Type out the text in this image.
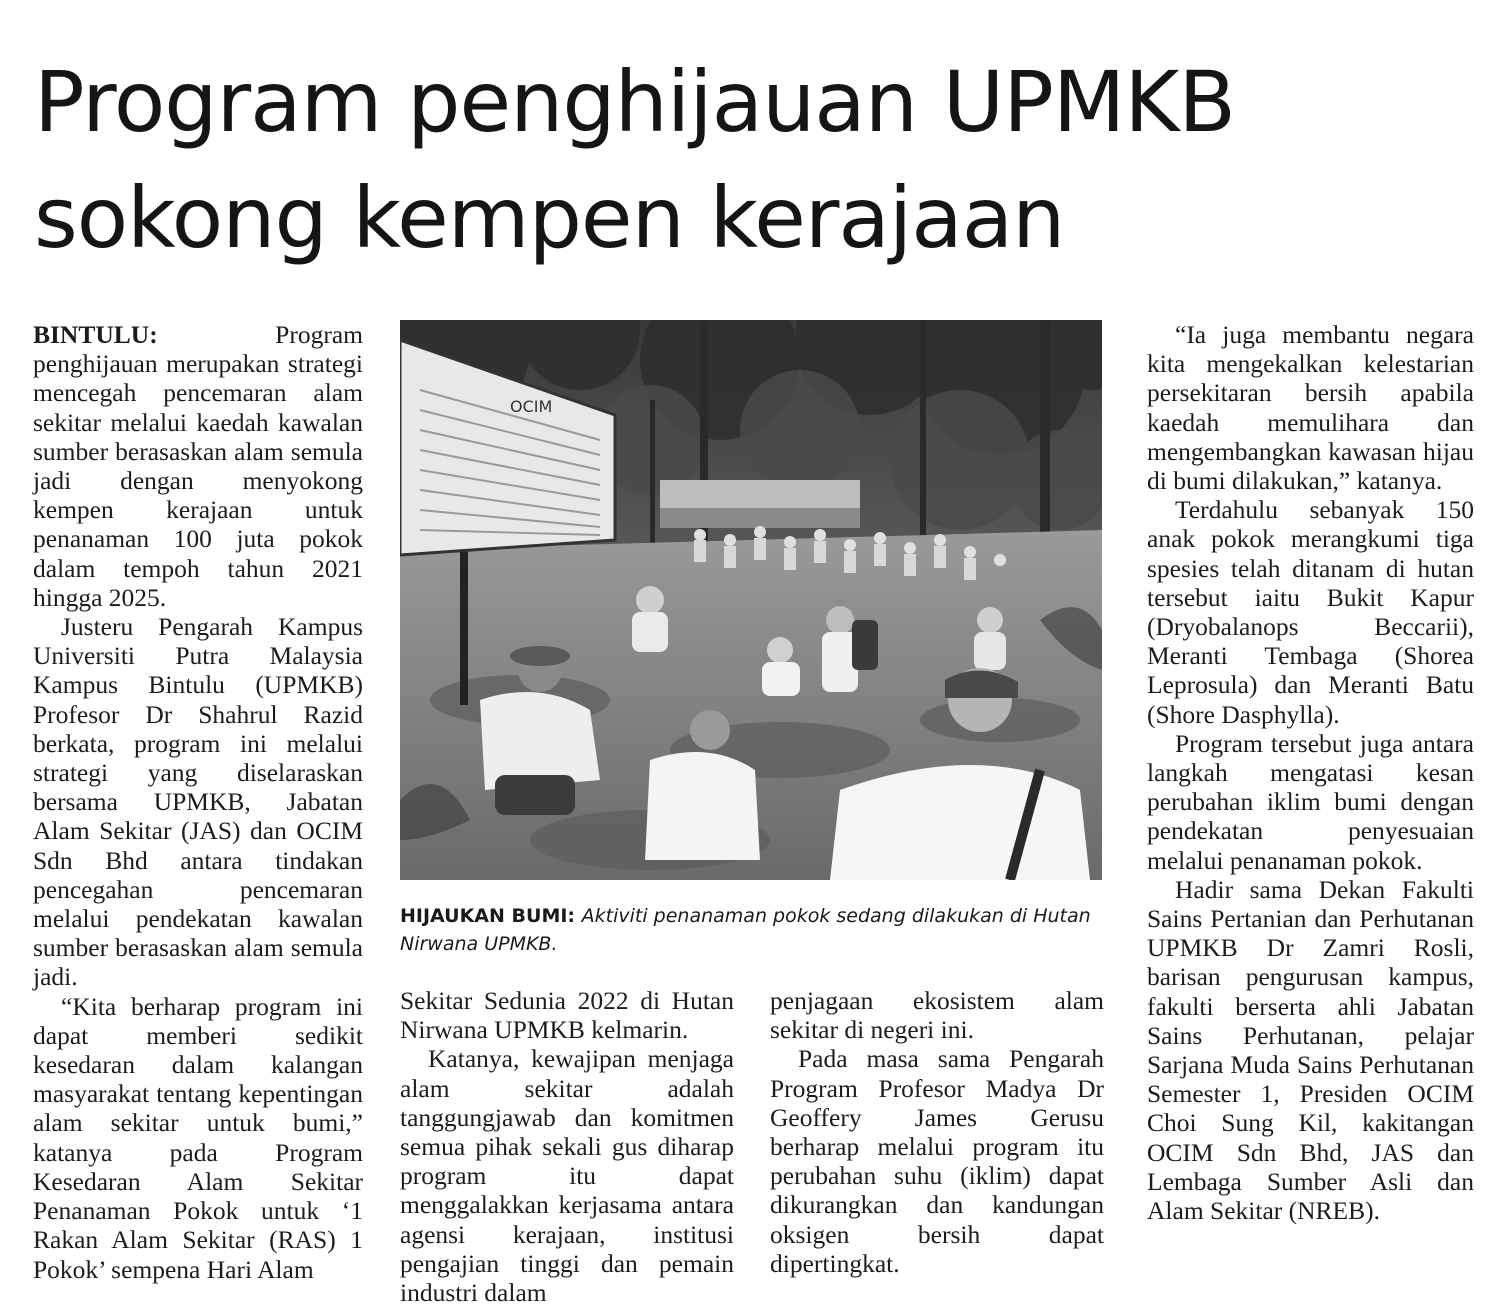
Program penghijauan UPMKB
sokong kempen kerajaan

BINTULU:	Program penghijauan merupakan strategi mencegah pencemaran alam sekitar melalui kaedah kawalan sumber berasaskan alam semula jadi dengan menyokong kempen kerajaan untuk penanaman 100 juta pokok dalam tempoh tahun 2021 hingga 2025.

Justeru Pengarah Kampus Universiti Putra Malaysia Kampus Bintulu (UPMKB) Profesor Dr Shahrul Razid berkata, program ini melalui strategi yang diselaraskan bersama UPMKB, Jabatan Alam Sekitar (JAS) dan OCIM Sdn Bhd antara tindakan pencegahan pencemaran melalui pendekatan kawalan sumber berasaskan alam semula jadi.

“Kita berharap program ini dapat memberi sedikit kesedaran dalam kalangan masyarakat tentang kepentingan alam sekitar untuk bumi,” katanya pada Program Kesedaran Alam Sekitar Penanaman Pokok untuk ‘1 Rakan Alam Sekitar (RAS) 1 Pokok’ sempena Hari Alam

OCIM
HIJAUKAN BUMI: Aktiviti penanaman pokok sedang dilakukan di Hutan Nirwana UPMKB.

Sekitar Sedunia 2022 di Hutan Nirwana UPMKB kelmarin.

Katanya, kewajipan menjaga alam sekitar adalah tanggungjawab dan komitmen semua pihak sekali gus diharap program itu dapat menggalakkan kerjasama antara agensi kerajaan, institusi pengajian tinggi dan pemain industri dalam

penjagaan ekosistem alam sekitar di negeri ini.

Pada masa sama Pengarah Program Profesor Madya Dr Geoffery James Gerusu berharap melalui program itu perubahan suhu (iklim) dapat dikurangkan dan kandungan oksigen bersih dapat dipertingkat.

“Ia juga membantu negara kita mengekalkan kelestarian persekitaran bersih apabila kaedah memulihara dan mengembangkan kawasan hijau di bumi dilakukan,” katanya.

Terdahulu sebanyak 150 anak pokok merangkumi tiga spesies telah ditanam di hutan tersebut iaitu Bukit Kapur (Dryobalanops Beccarii), Meranti Tembaga (Shorea Leprosula) dan Meranti Batu (Shore Dasphylla).

Program tersebut juga antara langkah mengatasi kesan perubahan iklim bumi dengan pendekatan penyesuaian melalui penanaman pokok.

Hadir sama Dekan Fakulti Sains Pertanian dan Perhutanan UPMKB Dr Zamri Rosli, barisan pengurusan kampus, fakulti berserta ahli Jabatan Sains Perhutanan, pelajar Sarjana Muda Sains Perhutanan Semester 1, Presiden OCIM Choi Sung Kil, kakitangan OCIM Sdn Bhd, JAS dan Lembaga Sumber Asli dan Alam Sekitar (NREB).
